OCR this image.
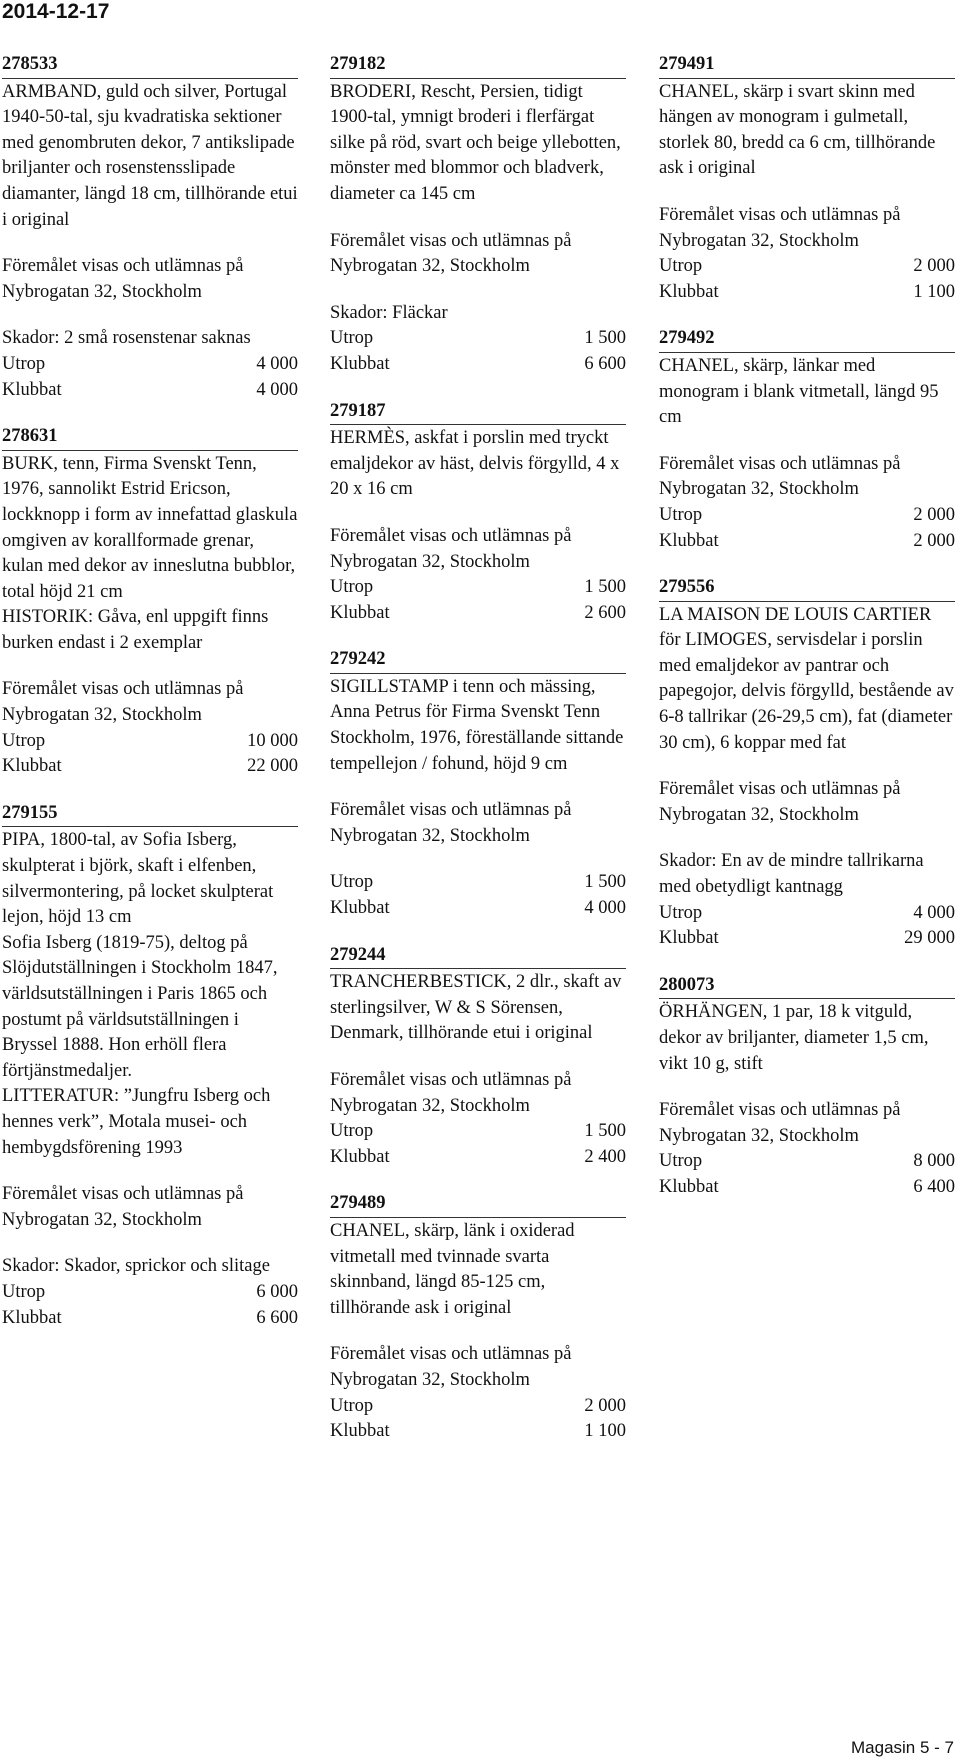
2014-12-17
278533

ARMBAND, guld och silver, Portugal 1940-50-tal, sju kvadratiska sektioner med genombruten dekor, 7 antikslipade briljanter och rosenstensslipade diamanter, längd 18 cm, tillhörande etui i original

Föremålet visas och utlämnas på Nybrogatan 32, Stockholm

Skador: 2 små rosenstenar saknas

Utrop	4 000
Klubbat	4 000
278631

BURK, tenn, Firma Svenskt Tenn, 1976, sannolikt Estrid Ericson, lockknopp i form av innefattad glaskula omgiven av korallformade grenar, kulan med dekor av inneslutna bubblor, total höjd 21 cm
HISTORIK: Gåva, enl uppgift finns burken endast i 2 exemplar

Föremålet visas och utlämnas på Nybrogatan 32, Stockholm

Utrop	10 000
Klubbat	22 000
279155

PIPA, 1800-tal, av Sofia Isberg, skulpterat i björk, skaft i elfenben, silvermontering, på locket skulpterat lejon, höjd 13 cm
Sofia Isberg (1819-75), deltog på Slöjdutställningen i Stockholm 1847, världsutställningen i Paris 1865 och postumt på världsutställningen i Bryssel 1888. Hon erhöll flera förtjänstmedaljer.
LITTERATUR: ”Jungfru Isberg och hennes verk”, Motala musei- och hembygdsförening 1993

Föremålet visas och utlämnas på Nybrogatan 32, Stockholm

Skador: Skador, sprickor och slitage

Utrop	6 000
Klubbat	6 600
279182

BRODERI, Rescht, Persien, tidigt 1900-tal, ymnigt broderi i flerfärgat silke på röd, svart och beige yllebotten, mönster med blommor och bladverk, diameter ca 145 cm

Föremålet visas och utlämnas på Nybrogatan 32, Stockholm

Skador: Fläckar

Utrop	1 500
Klubbat	6 600
279187

HERMÈS, askfat i porslin med tryckt emaljdekor av häst, delvis förgylld, 4 x 20 x 16 cm

Föremålet visas och utlämnas på Nybrogatan 32, Stockholm

Utrop	1 500
Klubbat	2 600
279242

SIGILLSTAMP i tenn och mässing, Anna Petrus för Firma Svenskt Tenn Stockholm, 1976, föreställande sittande tempellejon / fohund, höjd 9 cm

Föremålet visas och utlämnas på Nybrogatan 32, Stockholm

Utrop	1 500
Klubbat	4 000
279244

TRANCHERBESTICK, 2 dlr., skaft av sterlingsilver, W & S Sörensen, Denmark, tillhörande etui i original

Föremålet visas och utlämnas på Nybrogatan 32, Stockholm

Utrop	1 500
Klubbat	2 400
279489

CHANEL, skärp, länk i oxiderad vitmetall med tvinnade svarta skinnband, längd 85-125 cm, tillhörande ask i original

Föremålet visas och utlämnas på Nybrogatan 32, Stockholm

Utrop	2 000
Klubbat	1 100
279491

CHANEL, skärp i svart skinn med hängen av monogram i gulmetall, storlek 80, bredd ca 6 cm, tillhörande ask i original

Föremålet visas och utlämnas på Nybrogatan 32, Stockholm

Utrop	2 000
Klubbat	1 100
279492

CHANEL, skärp, länkar med monogram i blank vitmetall, längd 95 cm

Föremålet visas och utlämnas på Nybrogatan 32, Stockholm

Utrop	2 000
Klubbat	2 000
279556

LA MAISON DE LOUIS CARTIER för LIMOGES, servisdelar i porslin med emaljdekor av pantrar och papegojor, delvis förgylld, bestående av 6-8 tallrikar (26-29,5 cm), fat (diameter 30 cm), 6 koppar med fat

Föremålet visas och utlämnas på Nybrogatan 32, Stockholm

Skador: En av de mindre tallrikarna med obetydligt kantnagg

Utrop	4 000
Klubbat	29 000
280073

ÖRHÄNGEN, 1 par, 18 k vitguld, dekor av briljanter, diameter 1,5 cm, vikt 10 g, stift

Föremålet visas och utlämnas på Nybrogatan 32, Stockholm

Utrop	8 000
Klubbat	6 400

Magasin 5 - 7
